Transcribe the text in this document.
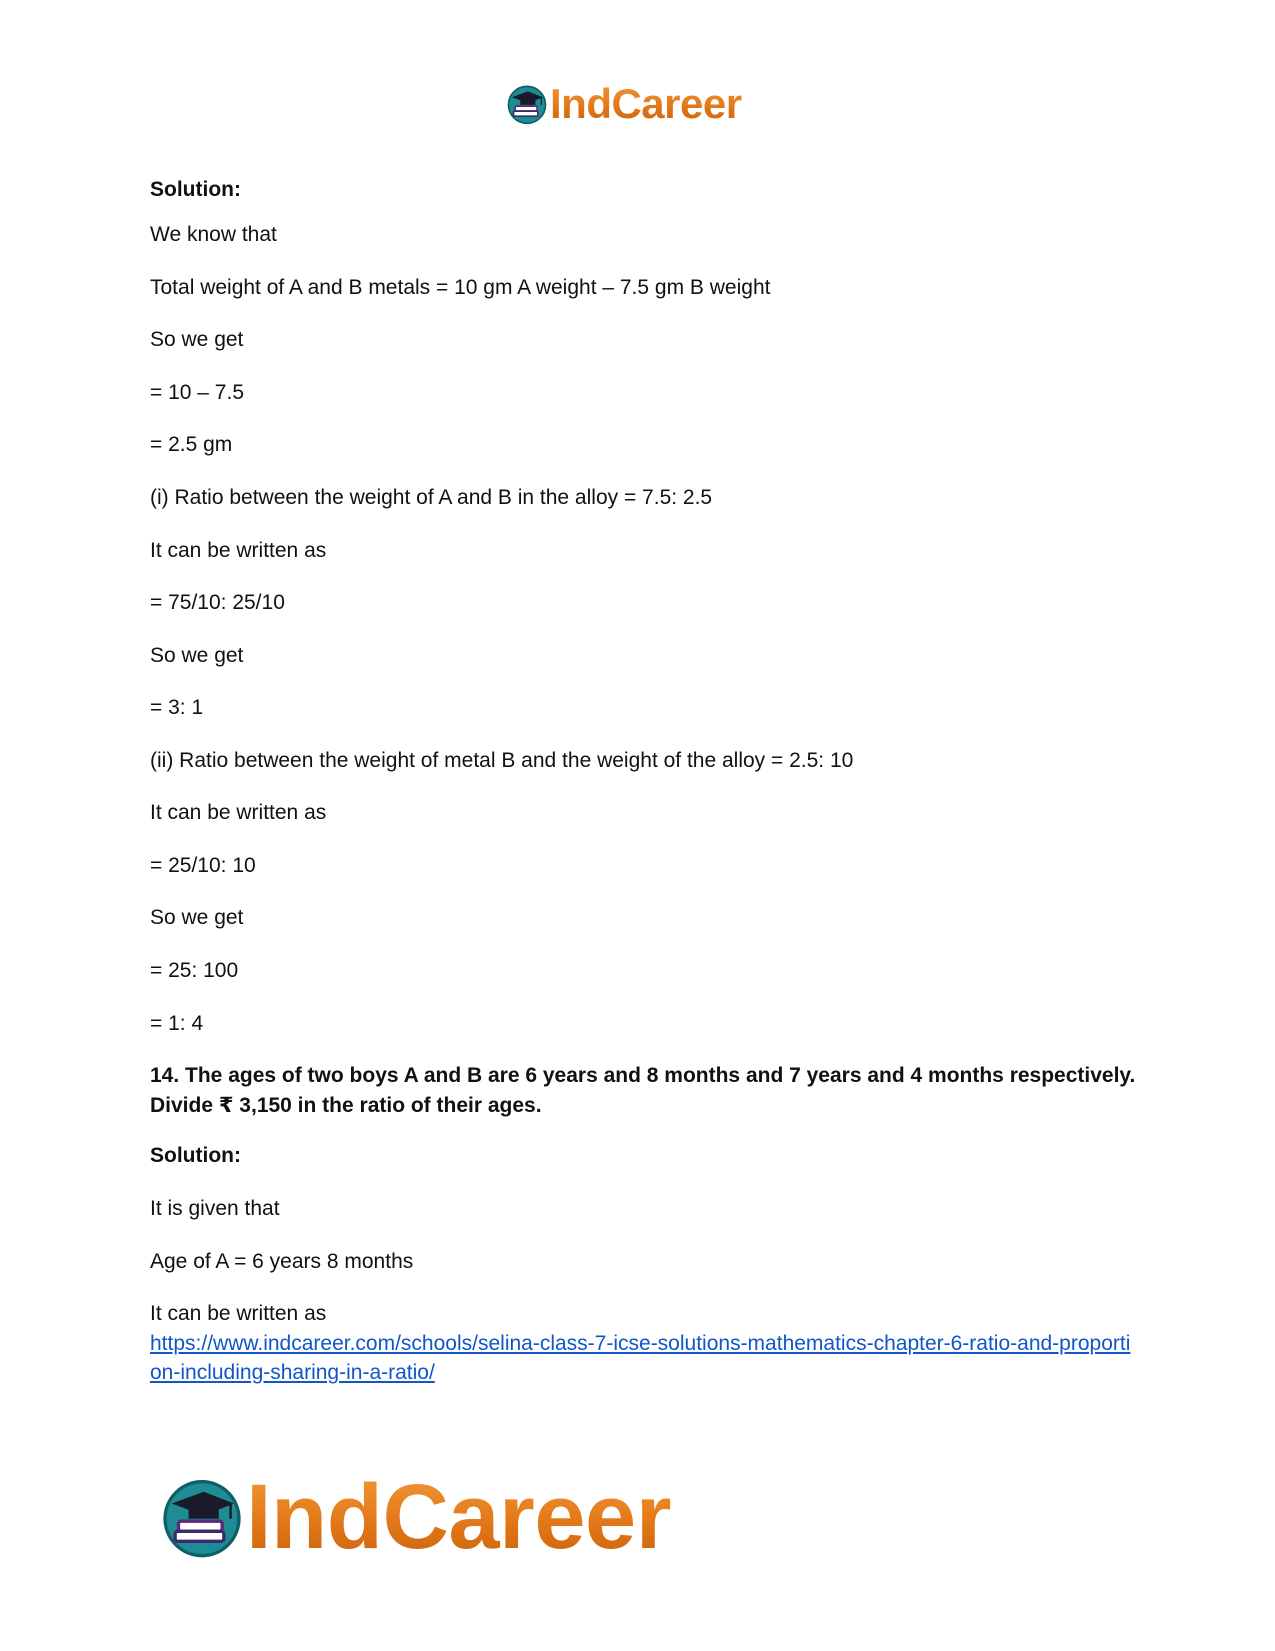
IndCareer
Solution:
We know that
Total weight of A and B metals = 10 gm A weight – 7.5 gm B weight
So we get
= 10 – 7.5
= 2.5 gm
(i) Ratio between the weight of A and B in the alloy = 7.5: 2.5
It can be written as
= 75/10: 25/10
So we get
= 3: 1
(ii) Ratio between the weight of metal B and the weight of the alloy = 2.5: 10
It can be written as
= 25/10: 10
So we get
= 25: 100
= 1: 4
14. The ages of two boys A and B are 6 years and 8 months and 7 years and 4 months respectively. Divide ₹ 3,150 in the ratio of their ages.
Solution:
It is given that
Age of A = 6 years 8 months
It can be written as
https://www.indcareer.com/schools/selina-class-7-icse-solutions-mathematics-chapter-6-ratio-and-proportion-including-sharing-in-a-ratio/
IndCareer
